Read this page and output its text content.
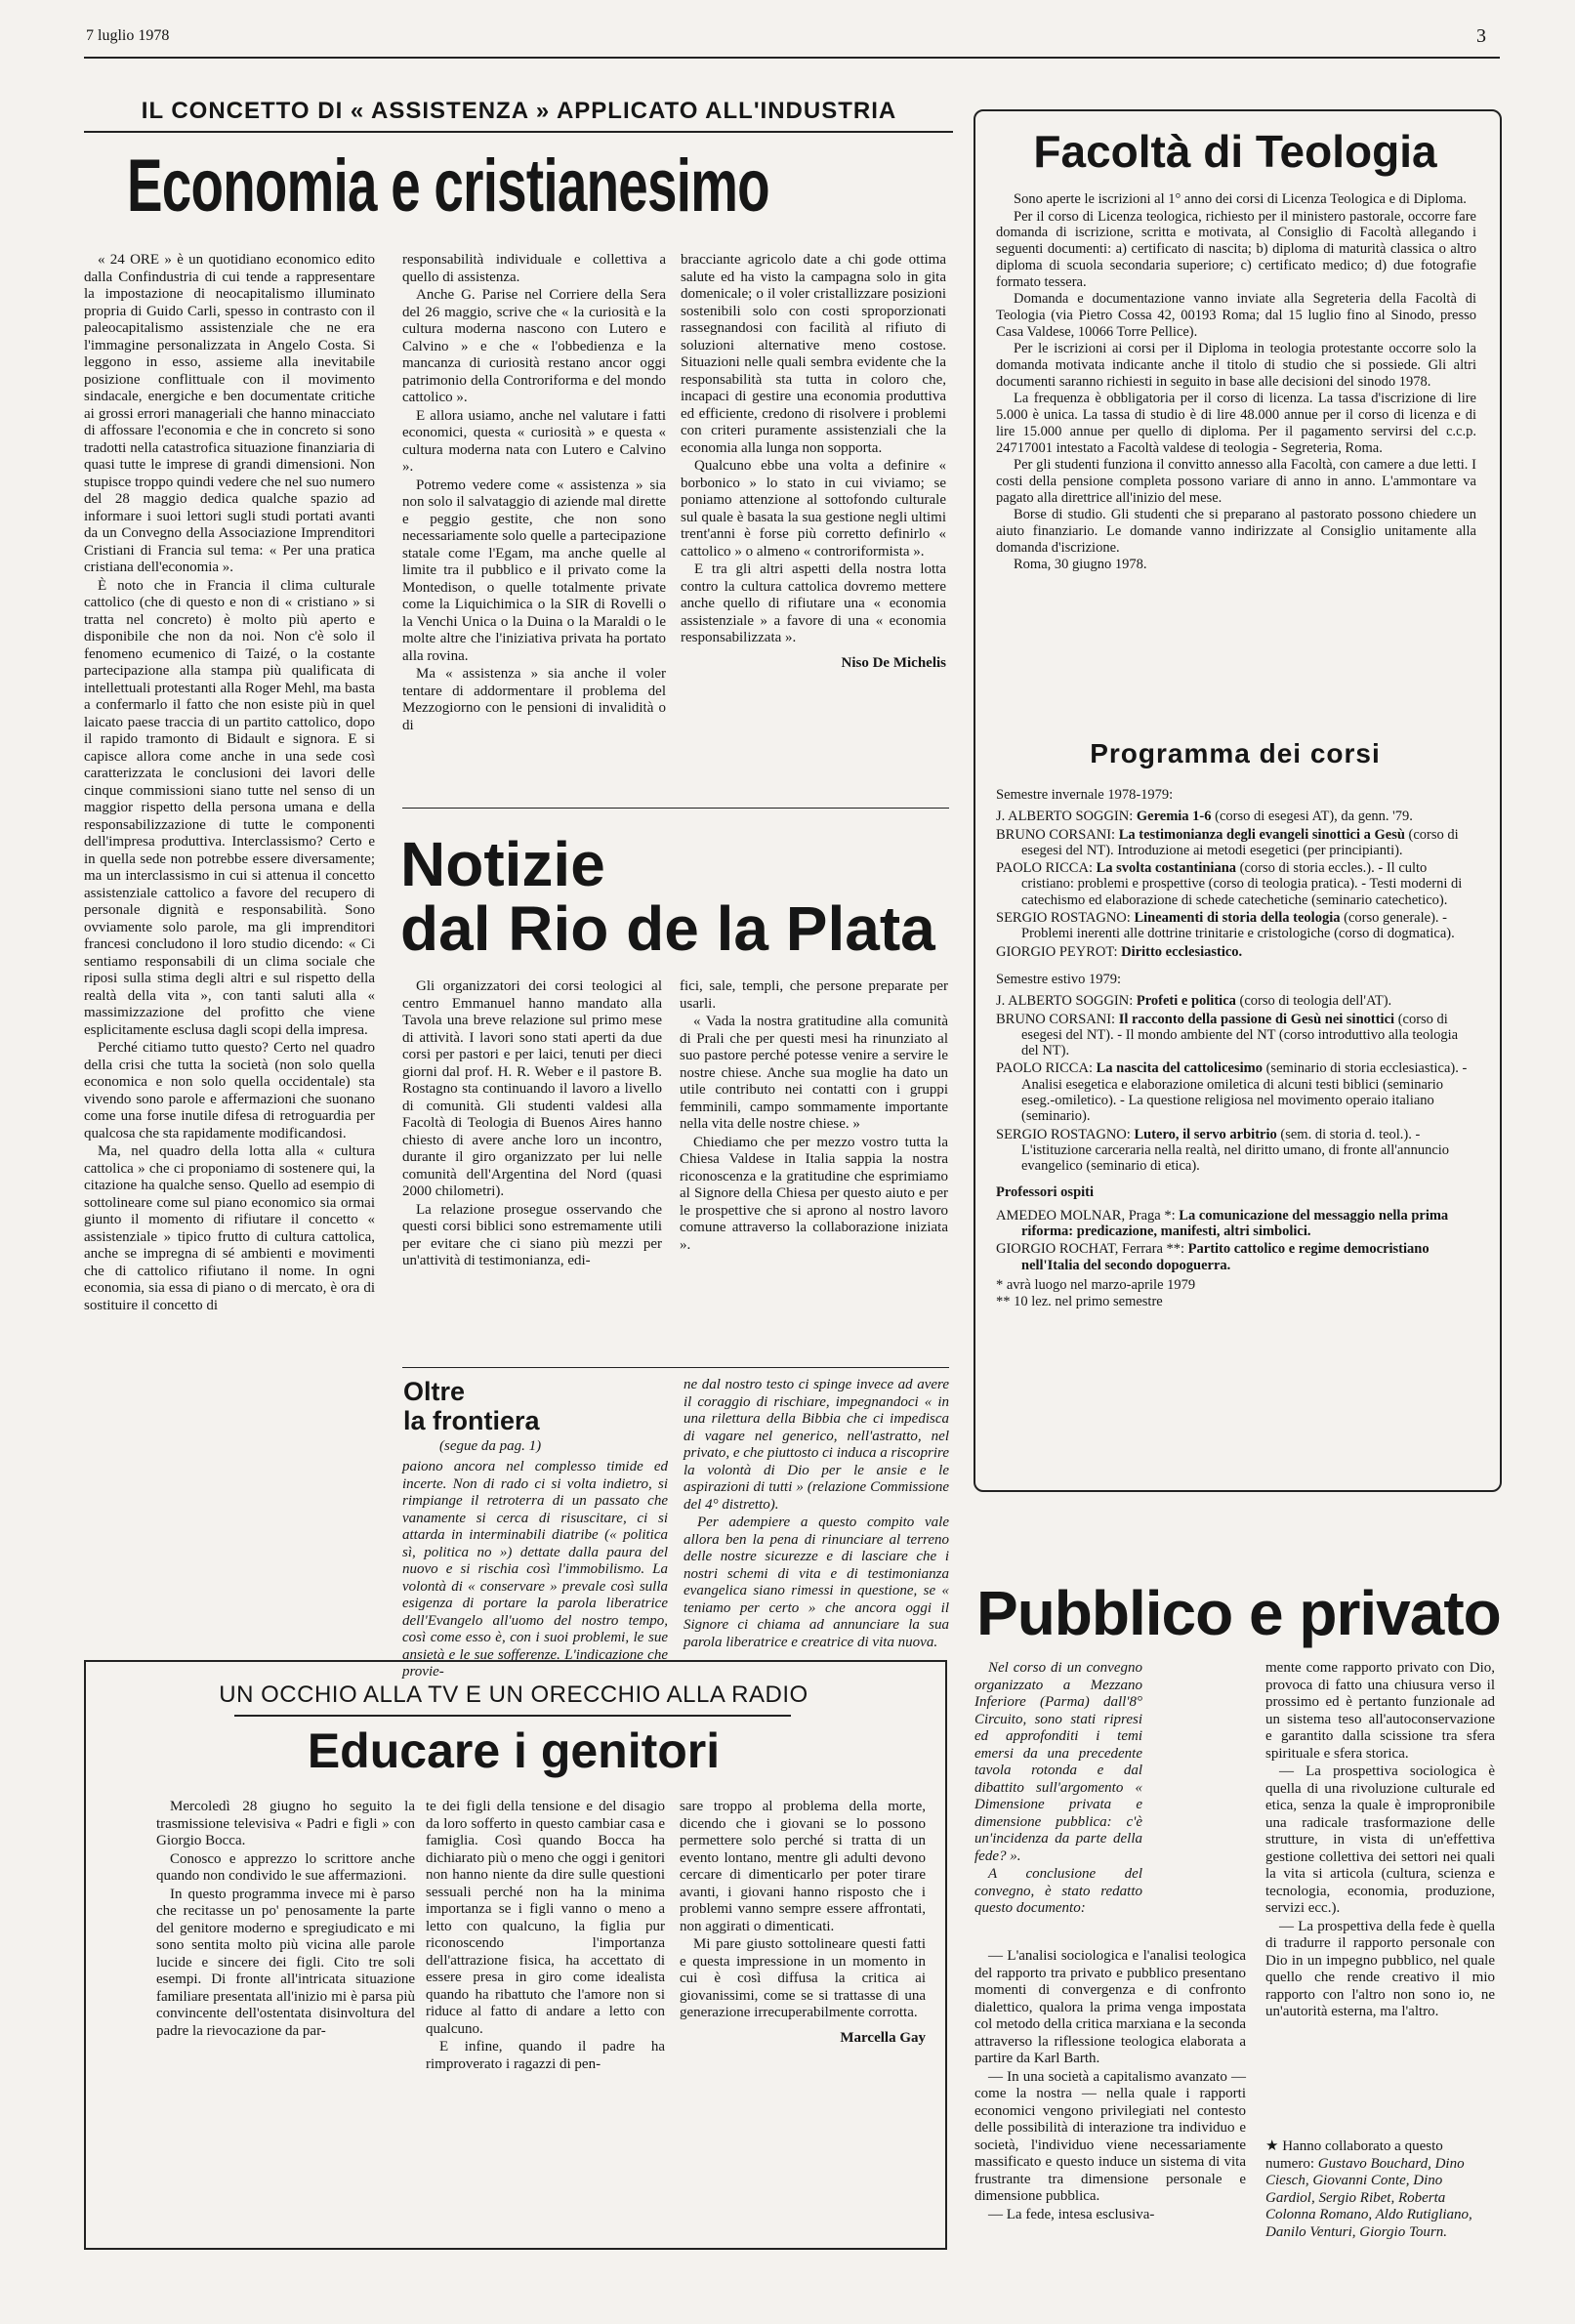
7 luglio 1978	3
IL CONCETTO DI « ASSISTENZA » APPLICATO ALL'INDUSTRIA
Economia e cristianesimo

« 24 ORE » è un quotidiano economico edito dalla Confindustria di cui tende a rappresentare la impostazione di neocapitalismo illuminato propria di Guido Carli, spesso in contrasto con il paleocapitalismo assistenziale che ne era l'immagine personalizzata in Angelo Costa. Si leggono in esso, assieme alla inevitabile posizione conflittuale con il movimento sindacale, energiche e ben documentate critiche ai grossi errori manageriali che hanno minacciato di affossare l'economia e che in concreto si sono tradotti nella catastrofica situazione finanziaria di quasi tutte le imprese di grandi dimensioni. Non stupisce troppo quindi vedere che nel suo numero del 28 maggio dedica qualche spazio ad informare i suoi lettori sugli studi portati avanti da un Convegno della Associazione Imprenditori Cristiani di Francia sul tema: « Per una pratica cristiana dell'economia ».

È noto che in Francia il clima culturale cattolico (che di questo e non di « cristiano » si tratta nel concreto) è molto più aperto e disponibile che non da noi. Non c'è solo il fenomeno ecumenico di Taizé, o la costante partecipazione alla stampa più qualificata di intellettuali protestanti alla Roger Mehl, ma basta a confermarlo il fatto che non esiste più in quel laicato paese traccia di un partito cattolico, dopo il rapido tramonto di Bidault e signora. E si capisce allora come anche in una sede così caratterizzata le conclusioni dei lavori delle cinque commissioni siano tutte nel senso di un maggior rispetto della persona umana e della responsabilizzazione di tutte le componenti dell'impresa produttiva. Interclassismo? Certo e in quella sede non potrebbe essere diversamente; ma un interclassismo in cui si attenua il concetto assistenziale cattolico a favore del recupero di personale dignità e responsabilità. Sono ovviamente solo parole, ma gli imprenditori francesi concludono il loro studio dicendo: « Ci sentiamo responsabili di un clima sociale che riposi sulla stima degli altri e sul rispetto della realtà della vita », con tanti saluti alla « massimizzazione del profitto che viene esplicitamente esclusa dagli scopi della impresa.

Perché citiamo tutto questo? Certo nel quadro della crisi che tutta la società (non solo quella economica e non solo quella occidentale) sta vivendo sono parole e affermazioni che suonano come una forse inutile difesa di retroguardia per qualcosa che sta rapidamente modificandosi.

Ma, nel quadro della lotta alla « cultura cattolica » che ci proponiamo di sostenere qui, la citazione ha qualche senso. Quello ad esempio di sottolineare come sul piano economico sia ormai giunto il momento di rifiutare il concetto « assistenziale » tipico frutto di cultura cattolica, anche se impregna di sé ambienti e movimenti che di cattolico rifiutano il nome. In ogni economia, sia essa di piano o di mercato, è ora di sostituire il concetto di

responsabilità individuale e collettiva a quello di assistenza.

Anche G. Parise nel Corriere della Sera del 26 maggio, scrive che « la curiosità e la cultura moderna nascono con Lutero e Calvino » e che « l'obbedienza e la mancanza di curiosità restano ancor oggi patrimonio della Controriforma e del mondo cattolico ».

E allora usiamo, anche nel valutare i fatti economici, questa « curiosità » e questa « cultura moderna nata con Lutero e Calvino ».

Potremo vedere come « assistenza » sia non solo il salvataggio di aziende mal dirette e peggio gestite, che non sono necessariamente solo quelle a partecipazione statale come l'Egam, ma anche quelle al limite tra il pubblico e il privato come la Montedison, o quelle totalmente private come la Liquichimica o la SIR di Rovelli o la Venchi Unica o la Duina o la Maraldi o le molte altre che l'iniziativa privata ha portato alla rovina.

Ma « assistenza » sia anche il voler tentare di addormentare il problema del Mezzogiorno con le pensioni di invalidità o di

bracciante agricolo date a chi gode ottima salute ed ha visto la campagna solo in gita domenicale; o il voler cristallizzare posizioni sostenibili solo con costi sproporzionati rassegnandosi con facilità al rifiuto di soluzioni alternative meno costose. Situazioni nelle quali sembra evidente che la responsabilità sta tutta in coloro che, incapaci di gestire una economia produttiva ed efficiente, credono di risolvere i problemi con criteri puramente assistenziali che la economia alla lunga non sopporta.

Qualcuno ebbe una volta a definire « borbonico » lo stato in cui viviamo; se poniamo attenzione al sottofondo culturale sul quale è basata la sua gestione negli ultimi trent'anni è forse più corretto definirlo « cattolico » o almeno « controriformista ».

E tra gli altri aspetti della nostra lotta contro la cultura cattolica dovremo mettere anche quello di rifiutare una « economia assistenziale » a favore di una « economia responsabilizzata ».

Niso De Michelis
Notizie
dal Rio de la Plata

Gli organizzatori dei corsi teologici al centro Emmanuel hanno mandato alla Tavola una breve relazione sul primo mese di attività. I lavori sono stati aperti da due corsi per pastori e per laici, tenuti per dieci giorni dal prof. H. R. Weber e il pastore B. Rostagno sta continuando il lavoro a livello di comunità. Gli studenti valdesi alla Facoltà di Teologia di Buenos Aires hanno chiesto di avere anche loro un incontro, durante il giro organizzato per lui nelle comunità dell'Argentina del Nord (quasi 2000 chilometri).

La relazione prosegue osservando che questi corsi biblici sono estremamente utili per evitare che ci siano più mezzi per un'attività di testimonianza, edi-

fici, sale, templi, che persone preparate per usarli.

« Vada la nostra gratitudine alla comunità di Prali che per questi mesi ha rinunziato al suo pastore perché potesse venire a servire le nostre chiese. Anche sua moglie ha dato un utile contributo nei contatti con i gruppi femminili, campo sommamente importante nella vita delle nostre chiese. »

Chiediamo che per mezzo vostro tutta la Chiesa Valdese in Italia sappia la nostra riconoscenza e la gratitudine che esprimiamo al Signore della Chiesa per questo aiuto e per le prospettive che si aprono al nostro lavoro comune attraverso la collaborazione iniziata ».

Oltre
la frontiera
(segue da pag. 1)

paiono ancora nel complesso timide ed incerte. Non di rado ci si volta indietro, si rimpiange il retroterra di un passato che vanamente si cerca di risuscitare, ci si attarda in interminabili diatribe (« politica sì, politica no ») dettate dalla paura del nuovo e si rischia così l'immobilismo. La volontà di « conservare » prevale così sulla esigenza di portare la parola liberatrice dell'Evangelo all'uomo del nostro tempo, così come esso è, con i suoi problemi, le sue ansietà e le sue sofferenze. L'indicazione che provie-

ne dal nostro testo ci spinge invece ad avere il coraggio di rischiare, impegnandoci « in una rilettura della Bibbia che ci impedisca di vagare nel generico, nell'astratto, nel privato, e che piuttosto ci induca a riscoprire la volontà di Dio per le ansie e le aspirazioni di tutti » (relazione Commissione del 4° distretto).

Per adempiere a questo compito vale allora ben la pena di rinunciare al terreno delle nostre sicurezze e di lasciare che i nostri schemi di vita e di testimonianza evangelica siano rimessi in questione, se « teniamo per certo » che ancora oggi il Signore ci chiama ad annunciare la sua parola liberatrice e creatrice di vita nuova.

UN OCCHIO ALLA TV E UN ORECCHIO ALLA RADIO
Educare i genitori

Mercoledì 28 giugno ho seguito la trasmissione televisiva « Padri e figli » con Giorgio Bocca.

Conosco e apprezzo lo scrittore anche quando non condivido le sue affermazioni.

In questo programma invece mi è parso che recitasse un po' penosamente la parte del genitore moderno e spregiudicato e mi sono sentita molto più vicina alle parole lucide e sincere dei figli. Cito tre soli esempi. Di fronte all'intricata situazione familiare presentata all'inizio mi è parsa più convincente dell'ostentata disinvoltura del padre la rievocazione da par-

te dei figli della tensione e del disagio da loro sofferto in questo cambiar casa e famiglia. Così quando Bocca ha dichiarato più o meno che oggi i genitori non hanno niente da dire sulle questioni sessuali perché non ha la minima importanza se i figli vanno o meno a letto con qualcuno, la figlia pur riconoscendo l'importanza dell'attrazione fisica, ha accettato di essere presa in giro come idealista quando ha ribattuto che l'amore non si riduce al fatto di andare a letto con qualcuno.

E infine, quando il padre ha rimproverato i ragazzi di pen-

sare troppo al problema della morte, dicendo che i giovani se lo possono permettere solo perché si tratta di un evento lontano, mentre gli adulti devono cercare di dimenticarlo per poter tirare avanti, i giovani hanno risposto che i problemi vanno sempre essere affrontati, non aggirati o dimenticati.

Mi pare giusto sottolineare questi fatti e questa impressione in un momento in cui è così diffusa la critica ai giovanissimi, come se si trattasse di una generazione irrecuperabilmente corrotta.

Marcella Gay
Facoltà di Teologia

Sono aperte le iscrizioni al 1° anno dei corsi di Licenza Teologica e di Diploma.

Per il corso di Licenza teologica, richiesto per il ministero pastorale, occorre fare domanda di iscrizione, scritta e motivata, al Consiglio di Facoltà allegando i seguenti documenti: a) certificato di nascita; b) diploma di maturità classica o altro diploma di scuola secondaria superiore; c) certificato medico; d) due fotografie formato tessera.

Domanda e documentazione vanno inviate alla Segreteria della Facoltà di Teologia (via Pietro Cossa 42, 00193 Roma; dal 15 luglio fino al Sinodo, presso Casa Valdese, 10066 Torre Pellice).

Per le iscrizioni ai corsi per il Diploma in teologia protestante occorre solo la domanda motivata indicante anche il titolo di studio che si possiede. Gli altri documenti saranno richiesti in seguito in base alle decisioni del sinodo 1978.

La frequenza è obbligatoria per il corso di licenza. La tassa d'iscrizione di lire 5.000 è unica. La tassa di studio è di lire 48.000 annue per il corso di licenza e di lire 15.000 annue per quello di diploma. Per il pagamento servirsi del c.c.p. 24717001 intestato a Facoltà valdese di teologia - Segreteria, Roma.

Per gli studenti funziona il convitto annesso alla Facoltà, con camere a due letti. I costi della pensione completa possono variare di anno in anno. L'ammontare va pagato alla direttrice all'inizio del mese.

Borse di studio. Gli studenti che si preparano al pastorato possono chiedere un aiuto finanziario. Le domande vanno indirizzate al Consiglio unitamente alla domanda d'iscrizione.

Roma, 30 giugno 1978.

Programma dei corsi
Semestre invernale 1978-1979:
J. ALBERTO SOGGIN: Geremia 1-6 (corso di esegesi AT), da genn. '79.
BRUNO CORSANI: La testimonianza degli evangeli sinottici a Gesù (corso di esegesi del NT). Introduzione ai metodi esegetici (per principianti).
PAOLO RICCA: La svolta costantiniana (corso di storia eccles.). - Il culto cristiano: problemi e prospettive (corso di teologia pratica). - Testi moderni di catechismo ed elaborazione di schede catechetiche (seminario catechetico).
SERGIO ROSTAGNO: Lineamenti di storia della teologia (corso generale). - Problemi inerenti alle dottrine trinitarie e cristologiche (corso di dogmatica).
GIORGIO PEYROT: Diritto ecclesiastico.
Semestre estivo 1979:
J. ALBERTO SOGGIN: Profeti e politica (corso di teologia dell'AT).
BRUNO CORSANI: Il racconto della passione di Gesù nei sinottici (corso di esegesi del NT). - Il mondo ambiente del NT (corso introduttivo alla teologia del NT).
PAOLO RICCA: La nascita del cattolicesimo (seminario di storia ecclesiastica). - Analisi esegetica e elaborazione omiletica di alcuni testi biblici (seminario eseg.-omiletico). - La questione religiosa nel movimento operaio italiano (seminario).
SERGIO ROSTAGNO: Lutero, il servo arbitrio (sem. di storia d. teol.). - L'istituzione carceraria nella realtà, nel diritto umano, di fronte all'annuncio evangelico (seminario di etica).
Professori ospiti
AMEDEO MOLNAR, Praga *: La comunicazione del messaggio nella prima riforma: predicazione, manifesti, altri simbolici.
GIORGIO ROCHAT, Ferrara **: Partito cattolico e regime democristiano nell'Italia del secondo dopoguerra.
* avrà luogo nel marzo-aprile 1979
** 10 lez. nel primo semestre
Pubblico e privato

Nel corso di un convegno organizzato a Mezzano Inferiore (Parma) dall'8° Circuito, sono stati ripresi ed approfonditi i temi emersi da una precedente tavola rotonda e dal dibattito sull'argomento « Dimensione privata e dimensione pubblica: c'è un'incidenza da parte della fede? ».

A conclusione del convegno, è stato redatto questo documento:

— L'analisi sociologica e l'analisi teologica del rapporto tra privato e pubblico presentano momenti di convergenza e di confronto dialettico, qualora la prima venga impostata col metodo della critica marxiana e la seconda attraverso la riflessione teologica elaborata a partire da Karl Barth.

— In una società a capitalismo avanzato — come la nostra — nella quale i rapporti economici vengono privilegiati nel contesto delle possibilità di interazione tra individuo e società, l'individuo viene necessariamente massificato e questo induce un sistema di vita frustrante tra dimensione personale e dimensione pubblica.

— La fede, intesa esclusiva-

mente come rapporto privato con Dio, provoca di fatto una chiusura verso il prossimo ed è pertanto funzionale ad un sistema teso all'autoconservazione e garantito dalla scissione tra sfera spirituale e sfera storica.

— La prospettiva sociologica è quella di una rivoluzione culturale ed etica, senza la quale è impropronibile una radicale trasformazione delle strutture, in vista di un'effettiva gestione collettiva dei settori nei quali la vita si articola (cultura, scienza e tecnologia, economia, produzione, servizi ecc.).

— La prospettiva della fede è quella di tradurre il rapporto personale con Dio in un impegno pubblico, nel quale quello che rende creativo il mio rapporto con l'altro non sono io, ne un'autorità esterna, ma l'altro.

★ Hanno collaborato a questo numero: Gustavo Bouchard, Dino Ciesch, Giovanni Conte, Dino Gardiol, Sergio Ribet, Roberta Colonna Romano, Aldo Rutigliano, Danilo Venturi, Giorgio Tourn.
